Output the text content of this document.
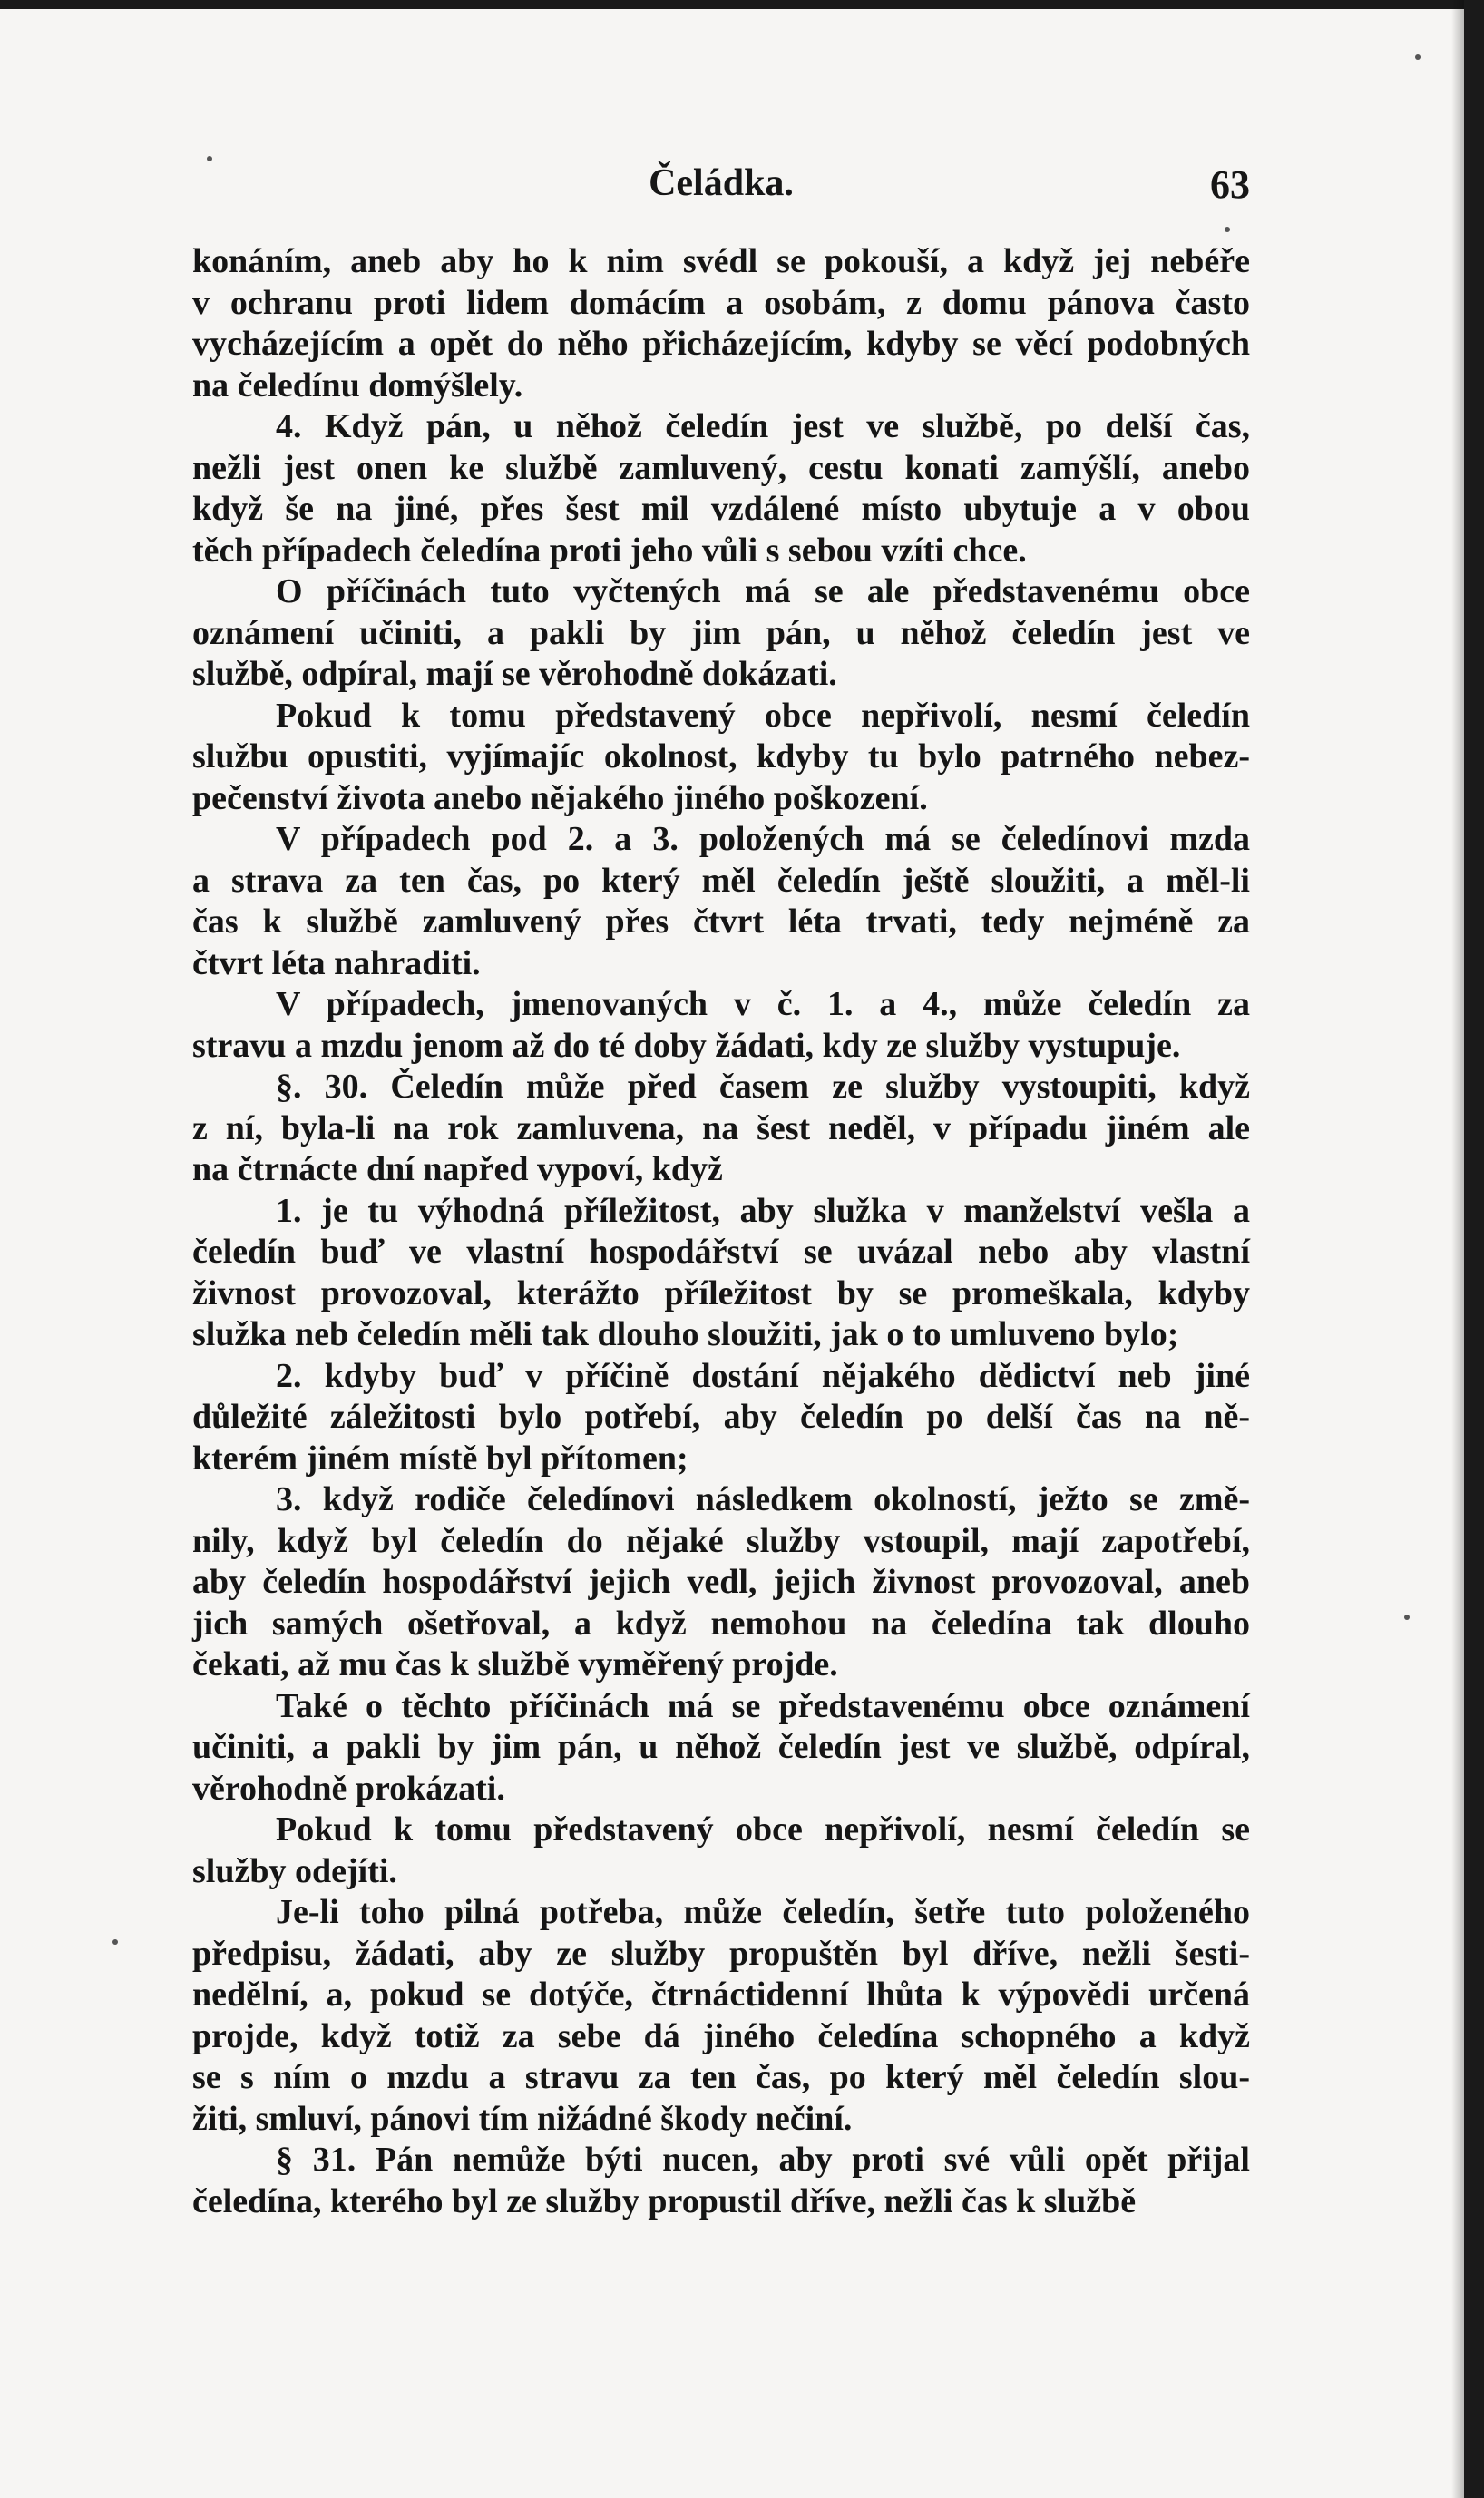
Čeládka.	63

konáním, aneb aby ho k nim svédl se pokouší, a když jej nebéře
v ochranu proti lidem domácím a osobám, z domu pánova často
vycházejícím a opět do něho přicházejícím, kdyby se věcí podobných
na čeledínu domýšlely.

4. Když pán, u něhož čeledín jest ve službě, po delší čas,
nežli jest onen ke službě zamluvený, cestu konati zamýšlí, anebo
když še na jiné, přes šest mil vzdálené místo ubytuje a v obou
těch případech čeledína proti jeho vůli s sebou vzíti chce.

O příčinách tuto vyčtených má se ale představenému obce
oznámení učiniti, a pakli by jim pán, u něhož čeledín jest ve
službě, odpíral, mají se věrohodně dokázati.

Pokud k tomu představený obce nepřivolí, nesmí čeledín
službu opustiti, vyjímajíc okolnost, kdyby tu bylo patrného nebez-
pečenství života anebo nějakého jiného poškození.

V případech pod 2. a 3. položených má se čeledínovi mzda
a strava za ten čas, po který měl čeledín ještě sloužiti, a měl-li
čas k službě zamluvený přes čtvrt léta trvati, tedy nejméně za
čtvrt léta nahraditi.

V případech, jmenovaných v č. 1. a 4., může čeledín za
stravu a mzdu jenom až do té doby žádati, kdy ze služby vystupuje.

§. 30. Čeledín může před časem ze služby vystoupiti, když
z ní, byla-li na rok zamluvena, na šest neděl, v případu jiném ale
na čtrnácte dní napřed vypoví, když

1. je tu výhodná příležitost, aby služka v manželství vešla a
čeledín buď ve vlastní hospodářství se uvázal nebo aby vlastní
živnost provozoval, kterážto příležitost by se promeškala, kdyby
služka neb čeledín měli tak dlouho sloužiti, jak o to umluveno bylo;

2. kdyby buď v příčině dostání nějakého dědictví neb jiné
důležité záležitosti bylo potřebí, aby čeledín po delší čas na ně-
kterém jiném místě byl přítomen;

3. když rodiče čeledínovi následkem okolností, ježto se změ-
nily, když byl čeledín do nějaké služby vstoupil, mají zapotřebí,
aby čeledín hospodářství jejich vedl, jejich živnost provozoval, aneb
jich samých ošetřoval, a když nemohou na čeledína tak dlouho
čekati, až mu čas k službě vyměřený projde.

Také o těchto příčinách má se představenému obce oznámení
učiniti, a pakli by jim pán, u něhož čeledín jest ve službě, odpíral,
věrohodně prokázati.

Pokud k tomu představený obce nepřivolí, nesmí čeledín se
služby odejíti.

Je-li toho pilná potřeba, může čeledín, šetře tuto položeného
předpisu, žádati, aby ze služby propuštěn byl dříve, nežli šesti-
nedělní, a, pokud se dotýče, čtrnáctidenní lhůta k výpovědi určená
projde, když totiž za sebe dá jiného čeledína schopného a když
se s ním o mzdu a stravu za ten čas, po který měl čeledín slou-
žiti, smluví, pánovi tím nižádné škody nečiní.

§ 31. Pán nemůže býti nucen, aby proti své vůli opět přijal
čeledína, kterého byl ze služby propustil dříve, nežli čas k službě
